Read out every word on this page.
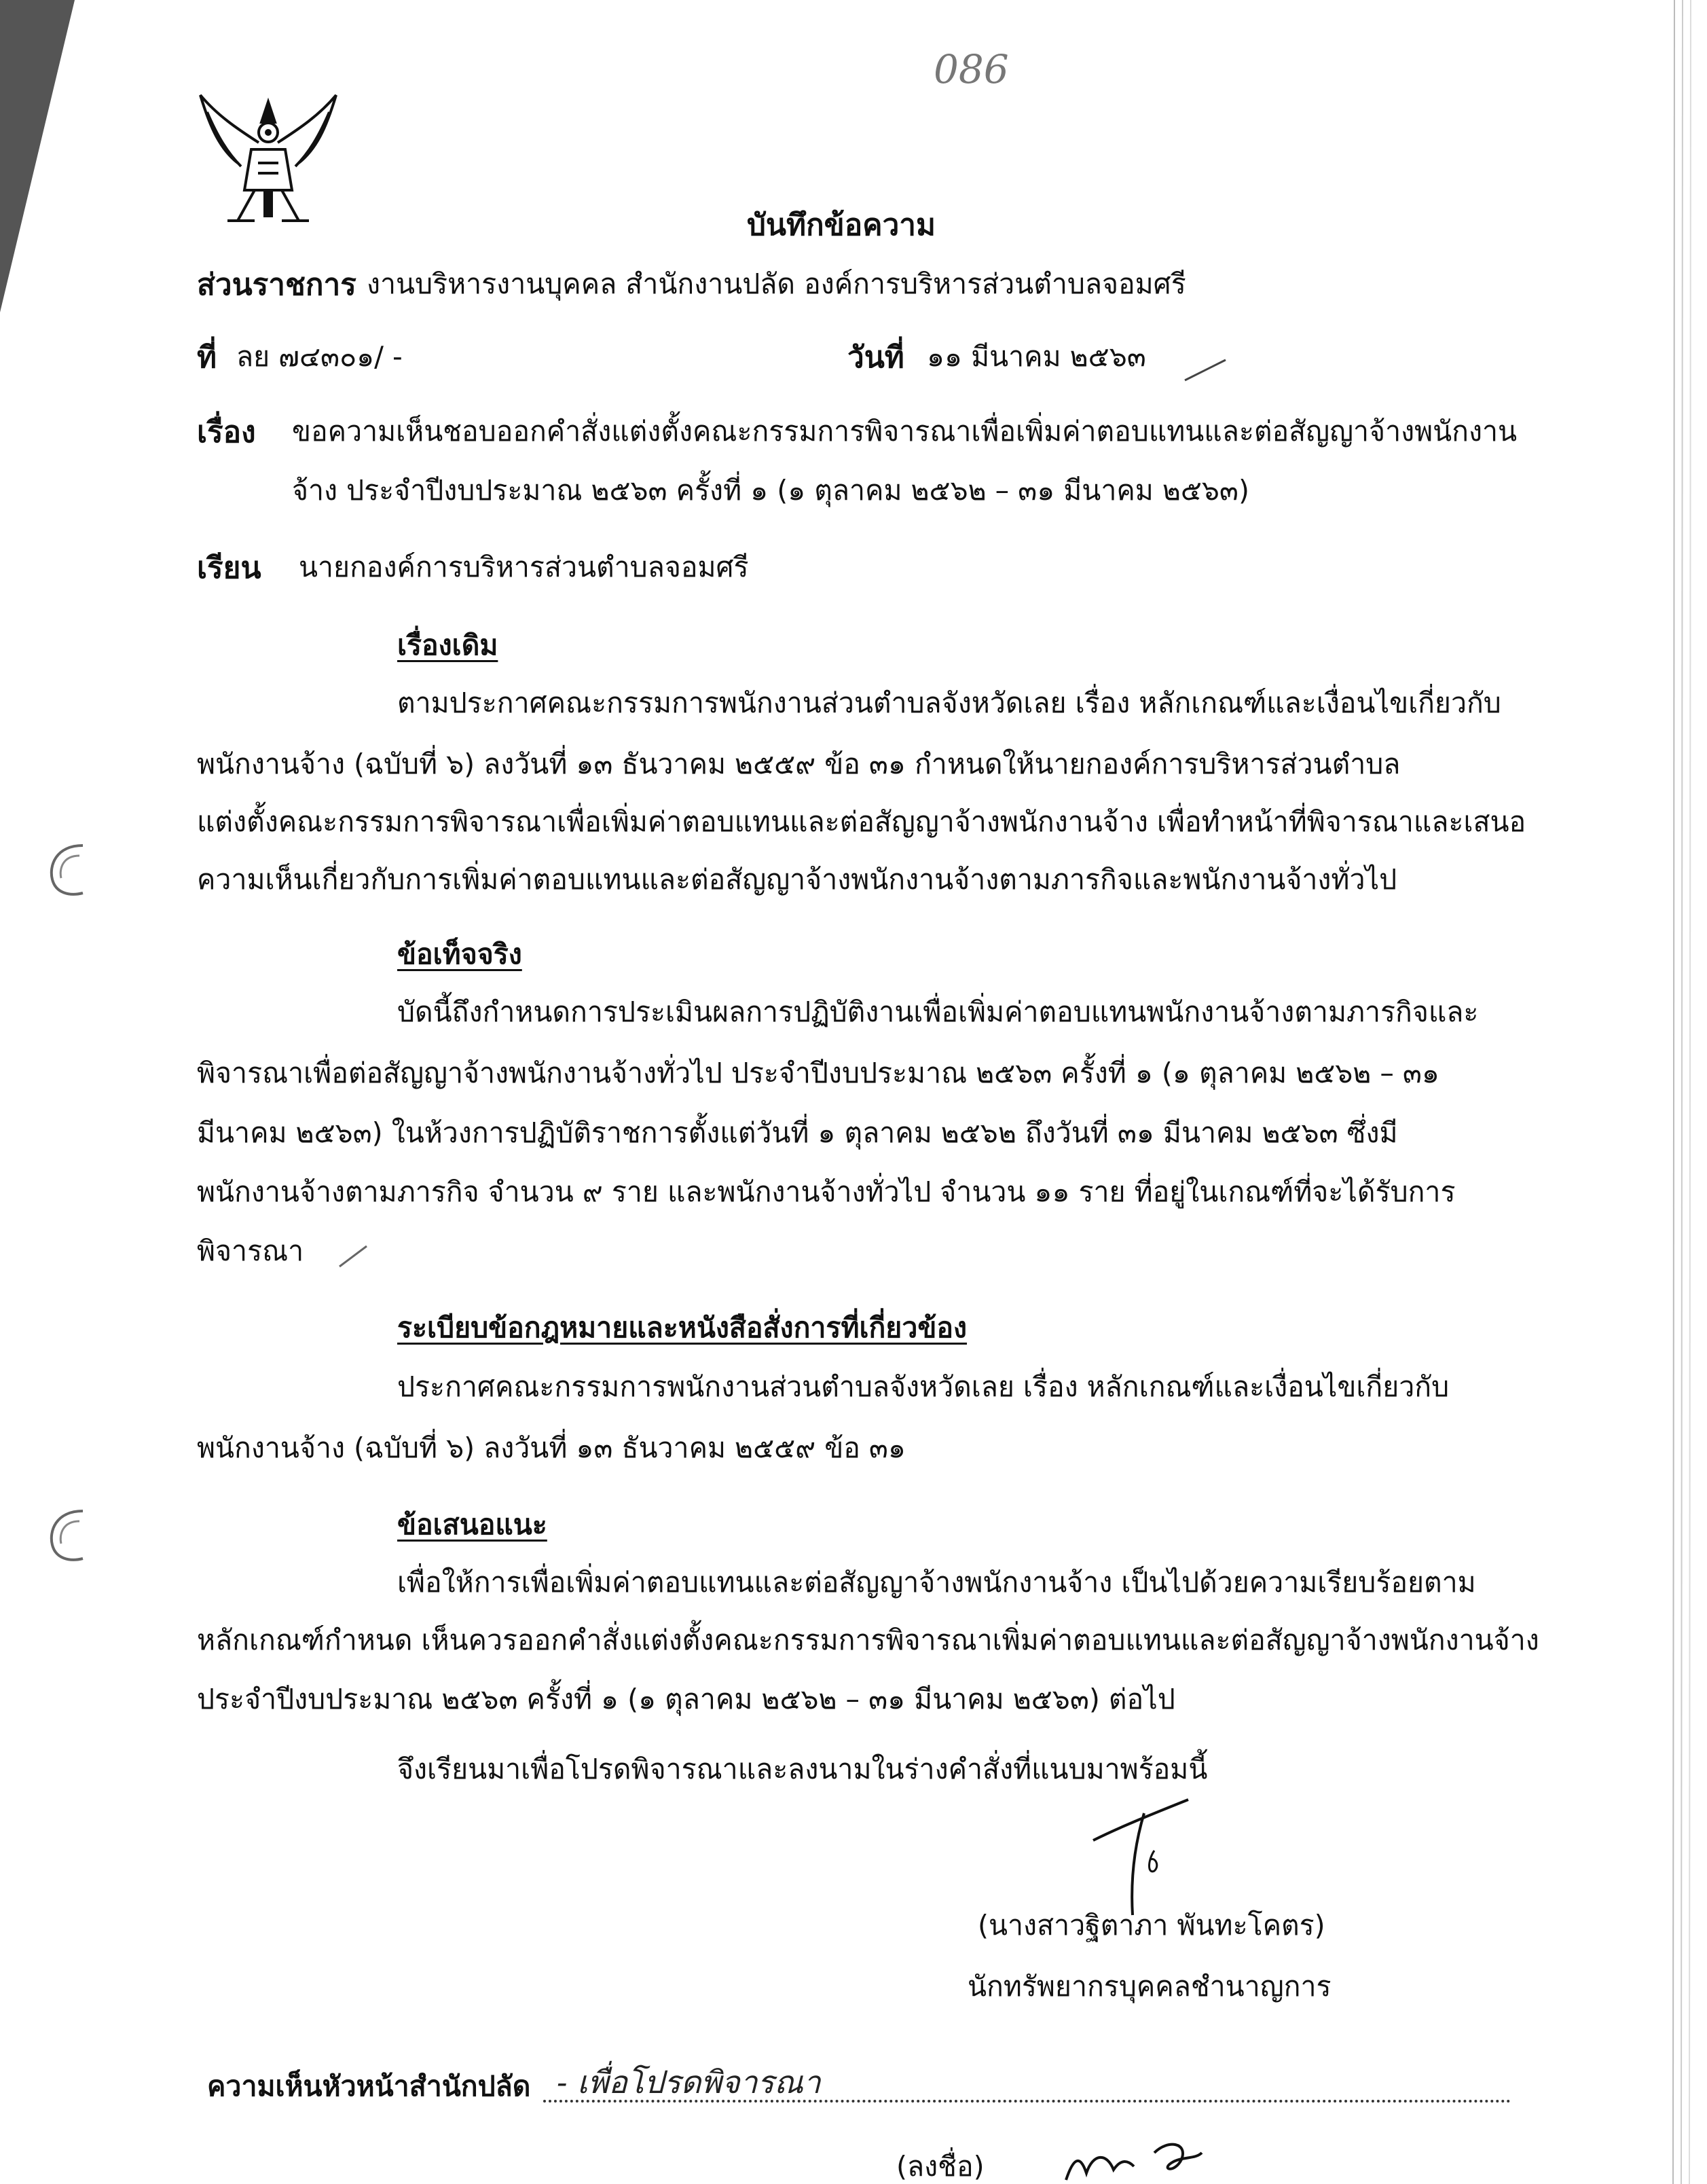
086
บันทึกข้อความ
ส่วนราชการ งานบริหารงานบุคคล สำนักงานปลัด องค์การบริหารส่วนตำบลจอมศรี
ที่ ลย ๗๔๓๐๑/ -	วันที่ ๑๑ มีนาคม ๒๕๖๓
เรื่อง ขอความเห็นชอบออกคำสั่งแต่งตั้งคณะกรรมการพิจารณาเพื่อเพิ่มค่าตอบแทนและต่อสัญญาจ้างพนักงาน
จ้าง ประจำปีงบประมาณ ๒๕๖๓ ครั้งที่ ๑ (๑ ตุลาคม ๒๕๖๒ – ๓๑ มีนาคม ๒๕๖๓)
เรียน นายกองค์การบริหารส่วนตำบลจอมศรี
เรื่องเดิม
ตามประกาศคณะกรรมการพนักงานส่วนตำบลจังหวัดเลย เรื่อง หลักเกณฑ์และเงื่อนไขเกี่ยวกับ
พนักงานจ้าง (ฉบับที่ ๖) ลงวันที่ ๑๓ ธันวาคม ๒๕๕๙ ข้อ ๓๑ กำหนดให้นายกองค์การบริหารส่วนตำบล
แต่งตั้งคณะกรรมการพิจารณาเพื่อเพิ่มค่าตอบแทนและต่อสัญญาจ้างพนักงานจ้าง เพื่อทำหน้าที่พิจารณาและเสนอ
ความเห็นเกี่ยวกับการเพิ่มค่าตอบแทนและต่อสัญญาจ้างพนักงานจ้างตามภารกิจและพนักงานจ้างทั่วไป
ข้อเท็จจริง
บัดนี้ถึงกำหนดการประเมินผลการปฏิบัติงานเพื่อเพิ่มค่าตอบแทนพนักงานจ้างตามภารกิจและ
พิจารณาเพื่อต่อสัญญาจ้างพนักงานจ้างทั่วไป ประจำปีงบประมาณ ๒๕๖๓ ครั้งที่ ๑ (๑ ตุลาคม ๒๕๖๒ – ๓๑
มีนาคม ๒๕๖๓) ในห้วงการปฏิบัติราชการตั้งแต่วันที่ ๑ ตุลาคม ๒๕๖๒ ถึงวันที่ ๓๑ มีนาคม ๒๕๖๓ ซึ่งมี
พนักงานจ้างตามภารกิจ จำนวน ๙ ราย และพนักงานจ้างทั่วไป จำนวน ๑๑ ราย ที่อยู่ในเกณฑ์ที่จะได้รับการ
พิจารณา
ระเบียบข้อกฎหมายและหนังสือสั่งการที่เกี่ยวข้อง
ประกาศคณะกรรมการพนักงานส่วนตำบลจังหวัดเลย เรื่อง หลักเกณฑ์และเงื่อนไขเกี่ยวกับ
พนักงานจ้าง (ฉบับที่ ๖) ลงวันที่ ๑๓ ธันวาคม ๒๕๕๙ ข้อ ๓๑
ข้อเสนอแนะ
เพื่อให้การเพื่อเพิ่มค่าตอบแทนและต่อสัญญาจ้างพนักงานจ้าง เป็นไปด้วยความเรียบร้อยตาม
หลักเกณฑ์กำหนด เห็นควรออกคำสั่งแต่งตั้งคณะกรรมการพิจารณาเพิ่มค่าตอบแทนและต่อสัญญาจ้างพนักงานจ้าง
ประจำปีงบประมาณ ๒๕๖๓ ครั้งที่ ๑ (๑ ตุลาคม ๒๕๖๒ – ๓๑ มีนาคม ๒๕๖๓) ต่อไป
จึงเรียนมาเพื่อโปรดพิจารณาและลงนามในร่างคำสั่งที่แนบมาพร้อมนี้
(นางสาวฐิตาภา พันทะโคตร)
นักทรัพยากรบุคคลชำนาญการ
ความเห็นหัวหน้าสำนักปลัด - เพื่อโปรดพิจารณา
(ลงชื่อ)
